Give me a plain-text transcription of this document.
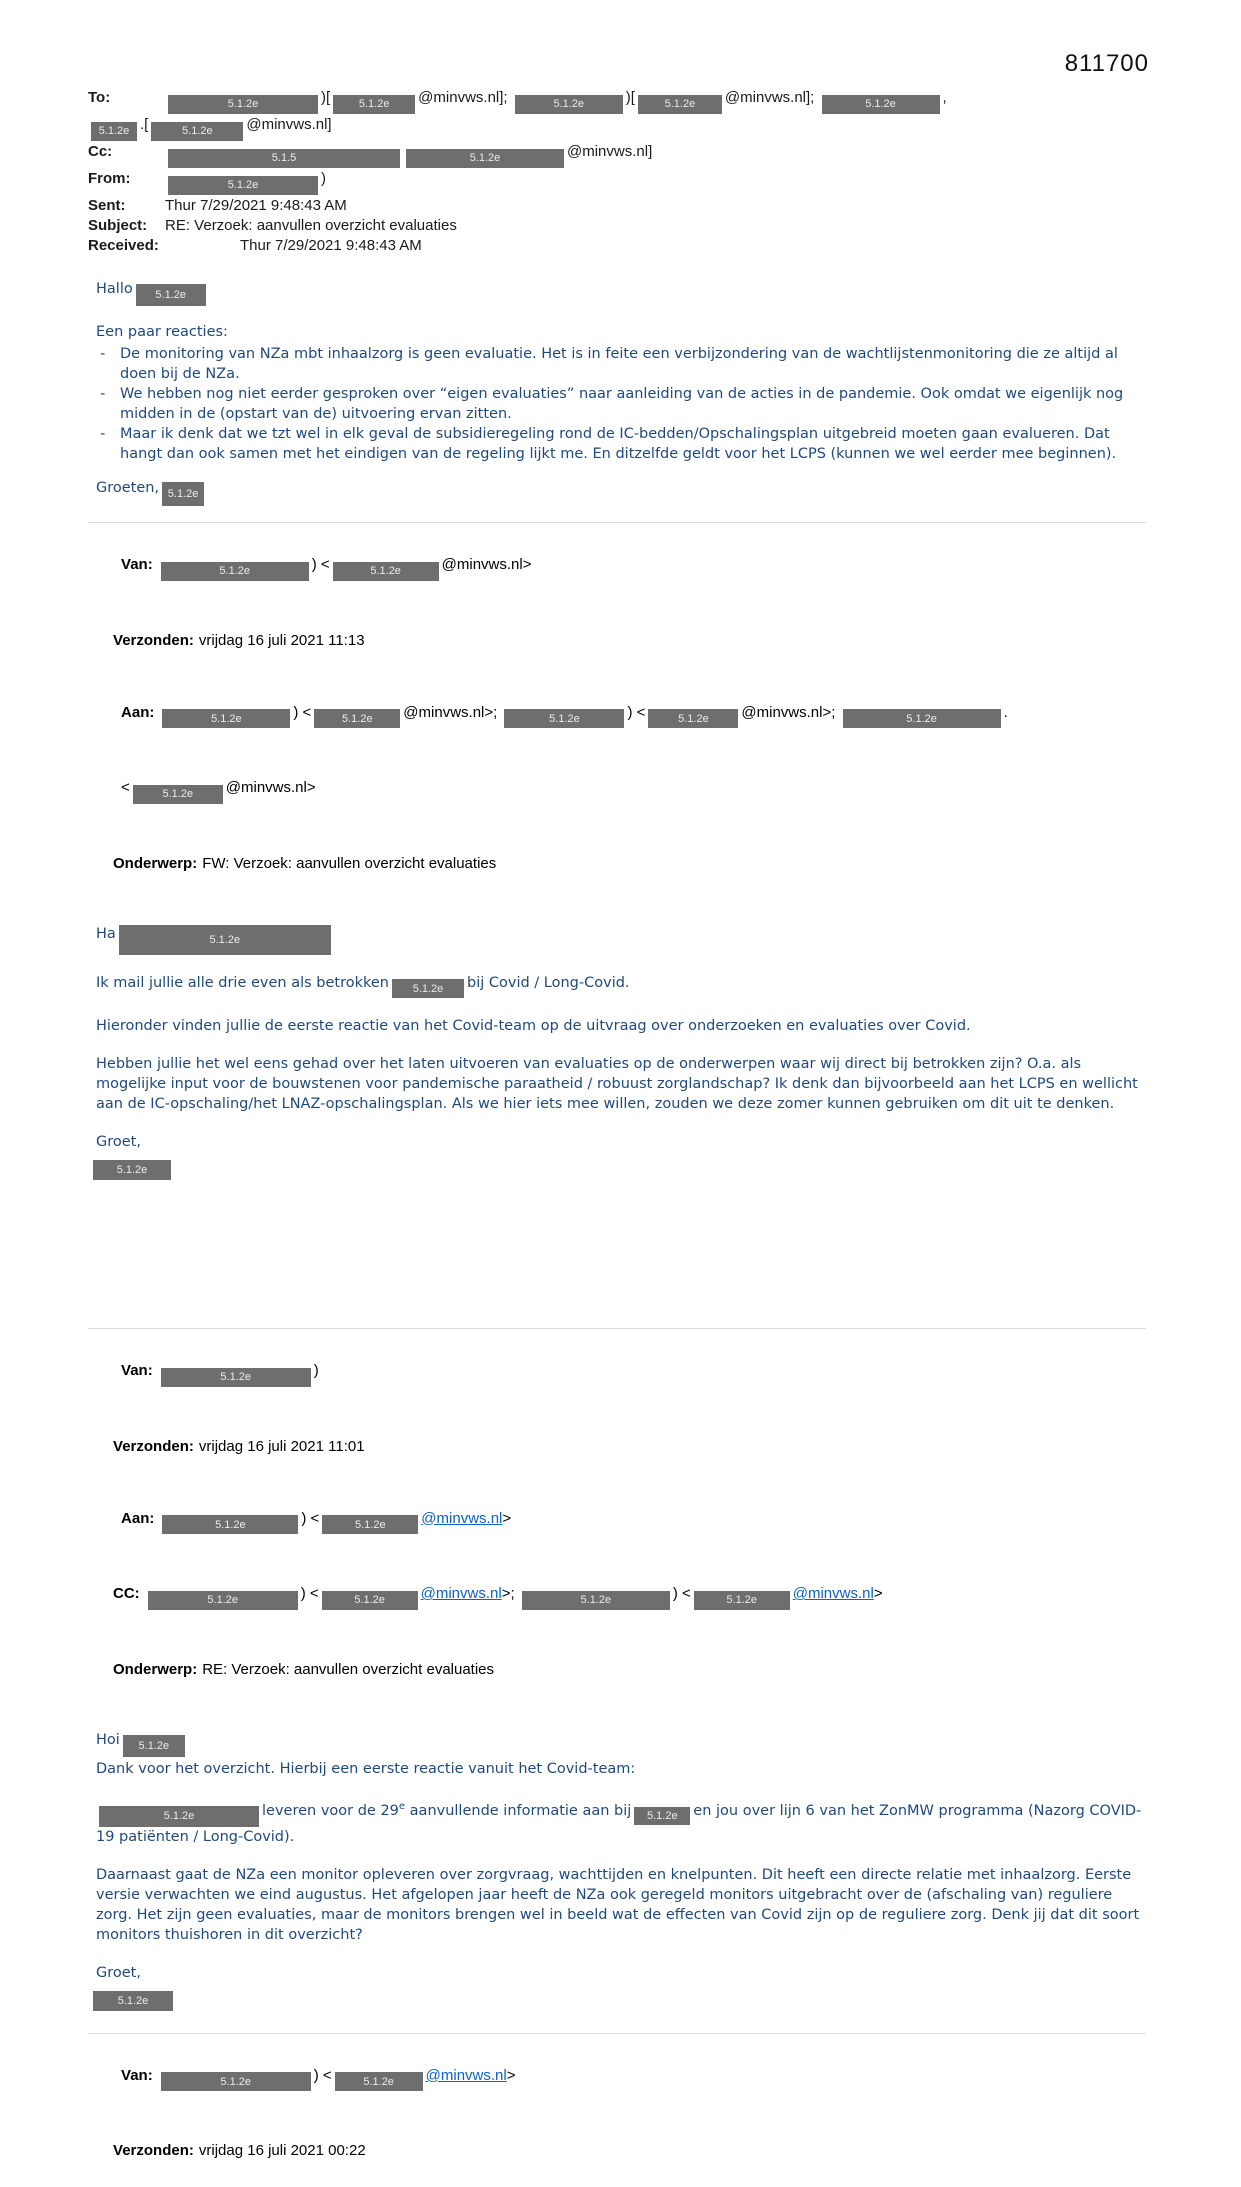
811700
To:	5.1.2e	)[	5.1.2e @minvws.nl];	5.1.2e	)[	5.1.2e @minvws.nl];	5.1.2e	,
5.1.2e .[	5.1.2e @minvws.nl]
Cc:	5.1.5	5.1.2e	@minvws.nl]
From:	5.1.2e	)
Sent:	Thur 7/29/2021 9:48:43 AM
Subject:	RE: Verzoek: aanvullen overzicht evaluaties
Received:	Thur 7/29/2021 9:48:43 AM
Hallo 5.1.2e
Een paar reacties:
-	De monitoring van NZa mbt inhaalzorg is geen evaluatie. Het is in feite een verbijzondering van de wachtlijstenmonitoring die ze altijd al doen bij de NZa.
-	We hebben nog niet eerder gesproken over “eigen evaluaties” naar aanleiding van de acties in de pandemie. Ook omdat we eigenlijk nog midden in de (opstart van de) uitvoering ervan zitten.
-	Maar ik denk dat we tzt wel in elk geval de subsidieregeling rond de IC-bedden/Opschalingsplan uitgebreid moeten gaan evalueren. Dat hangt dan ook samen met het eindigen van de regeling lijkt me. En ditzelfde geldt voor het LCPS (kunnen we wel eerder mee beginnen).
Groeten, 5.1.2e

Van:	5.1.2e	) <	5.1.2e	@minvws.nl>

Verzonden: vrijdag 16 juli 2021 11:13

Aan:	5.1.2e	) <	5.1.2e @minvws.nl>;	5.1.2e	) <	5.1.2e @minvws.nl>;	5.1.2e	.

<	5.1.2e @minvws.nl>

Onderwerp: FW: Verzoek: aanvullen overzicht evaluaties

Ha	5.1.2e
Ik mail jullie alle drie even als betrokken 5.1.2e bij Covid / Long-Covid.
Hieronder vinden jullie de eerste reactie van het Covid-team op de uitvraag over onderzoeken en evaluaties over Covid.
Hebben jullie het wel eens gehad over het laten uitvoeren van evaluaties op de onderwerpen waar wij direct bij betrokken zijn? O.a. als mogelijke input voor de bouwstenen voor pandemische paraatheid / robuust zorglandschap? Ik denk dan bijvoorbeeld aan het LCPS en wellicht aan de IC-opschaling/het LNAZ-opschalingsplan. Als we hier iets mee willen, zouden we deze zomer kunnen gebruiken om dit uit te denken.
Groet,
5.1.2e

Van:	5.1.2e	)

Verzonden: vrijdag 16 juli 2021 11:01

Aan:	5.1.2e	) <	5.1.2e @minvws.nl>

CC:	5.1.2e	) <	5.1.2e @minvws.nl>;	5.1.2e	) <	5.1.2e @minvws.nl>

Onderwerp: RE: Verzoek: aanvullen overzicht evaluaties

Hoi 5.1.2e
Dank voor het overzicht. Hierbij een eerste reactie vanuit het Covid-team:
5.1.2e	leveren voor de 29e aanvullende informatie aan bij 5.1.2e en jou over lijn 6 van het ZonMW programma (Nazorg COVID-19 patiënten / Long-Covid).
Daarnaast gaat de NZa een monitor opleveren over zorgvraag, wachttijden en knelpunten. Dit heeft een directe relatie met inhaalzorg. Eerste versie verwachten we eind augustus. Het afgelopen jaar heeft de NZa ook geregeld monitors uitgebracht over de (afschaling van) reguliere zorg. Het zijn geen evaluaties, maar de monitors brengen wel in beeld wat de effecten van Covid zijn op de reguliere zorg. Denk jij dat dit soort monitors thuishoren in dit overzicht?
Groet,
5.1.2e

Van:	5.1.2e	) <	5.1.2e @minvws.nl>

Verzonden: vrijdag 16 juli 2021 00:22
